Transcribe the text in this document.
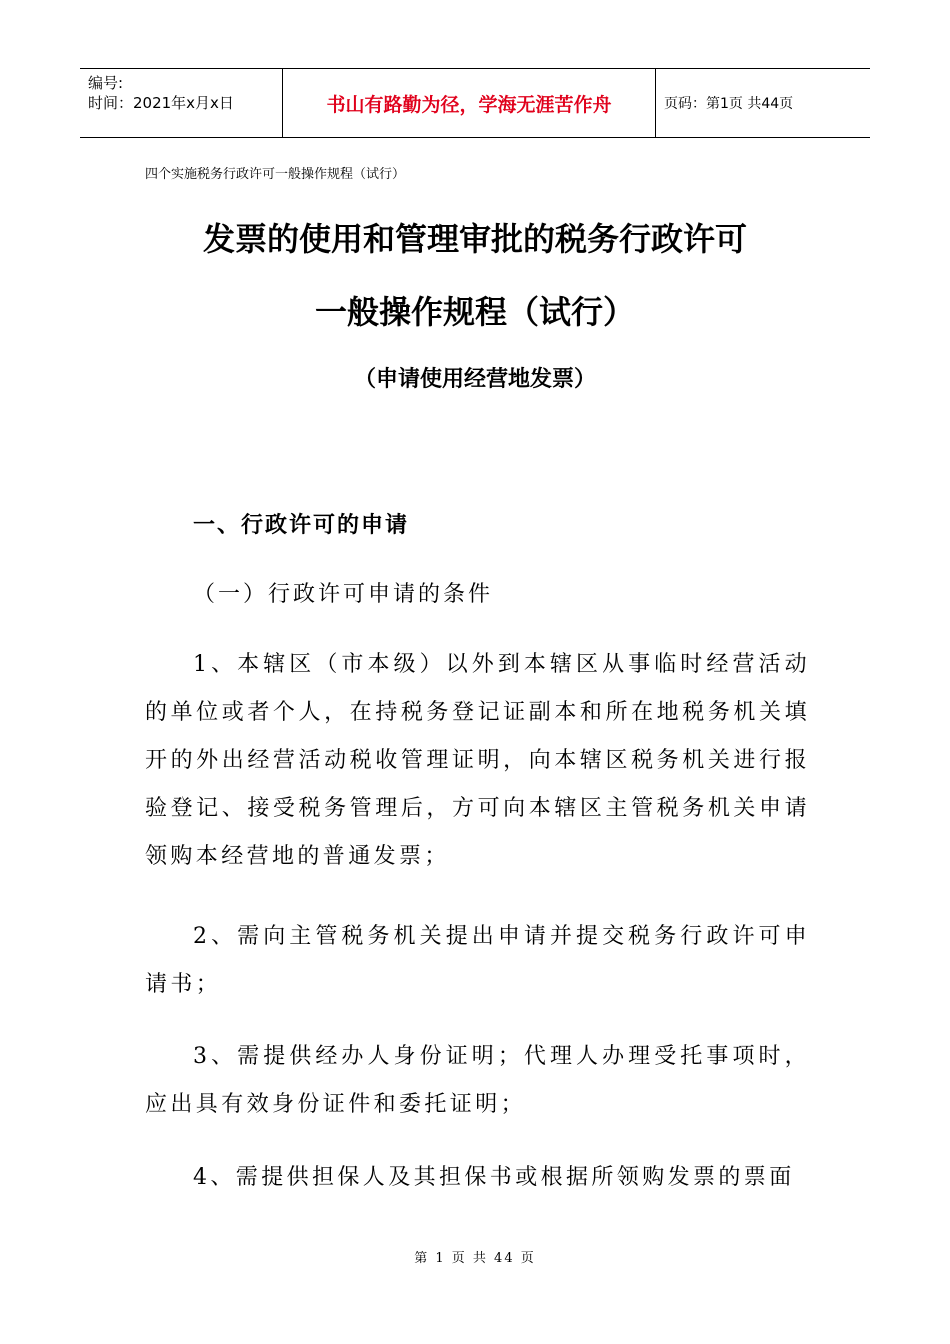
编号:
时间：2021年x月x日	书山有路勤为径，学海无涯苦作舟	页码：第1页 共44页
四个实施税务行政许可一般操作规程（试行）
发票的使用和管理审批的税务行政许可
一般操作规程（试行）
（申请使用经营地发票）
一、行政许可的申请
（一）行政许可申请的条件
1、本辖区（市本级）以外到本辖区从事临时经营活动的单位或者个人，在持税务登记证副本和所在地税务机关填开的外出经营活动税收管理证明，向本辖区税务机关进行报验登记、接受税务管理后，方可向本辖区主管税务机关申请领购本经营地的普通发票；
2、需向主管税务机关提出申请并提交税务行政许可申请书；
3、需提供经办人身份证明；代理人办理受托事项时，应出具有效身份证件和委托证明；
4、需提供担保人及其担保书或根据所领购发票的票面
第 1 页 共 44 页
